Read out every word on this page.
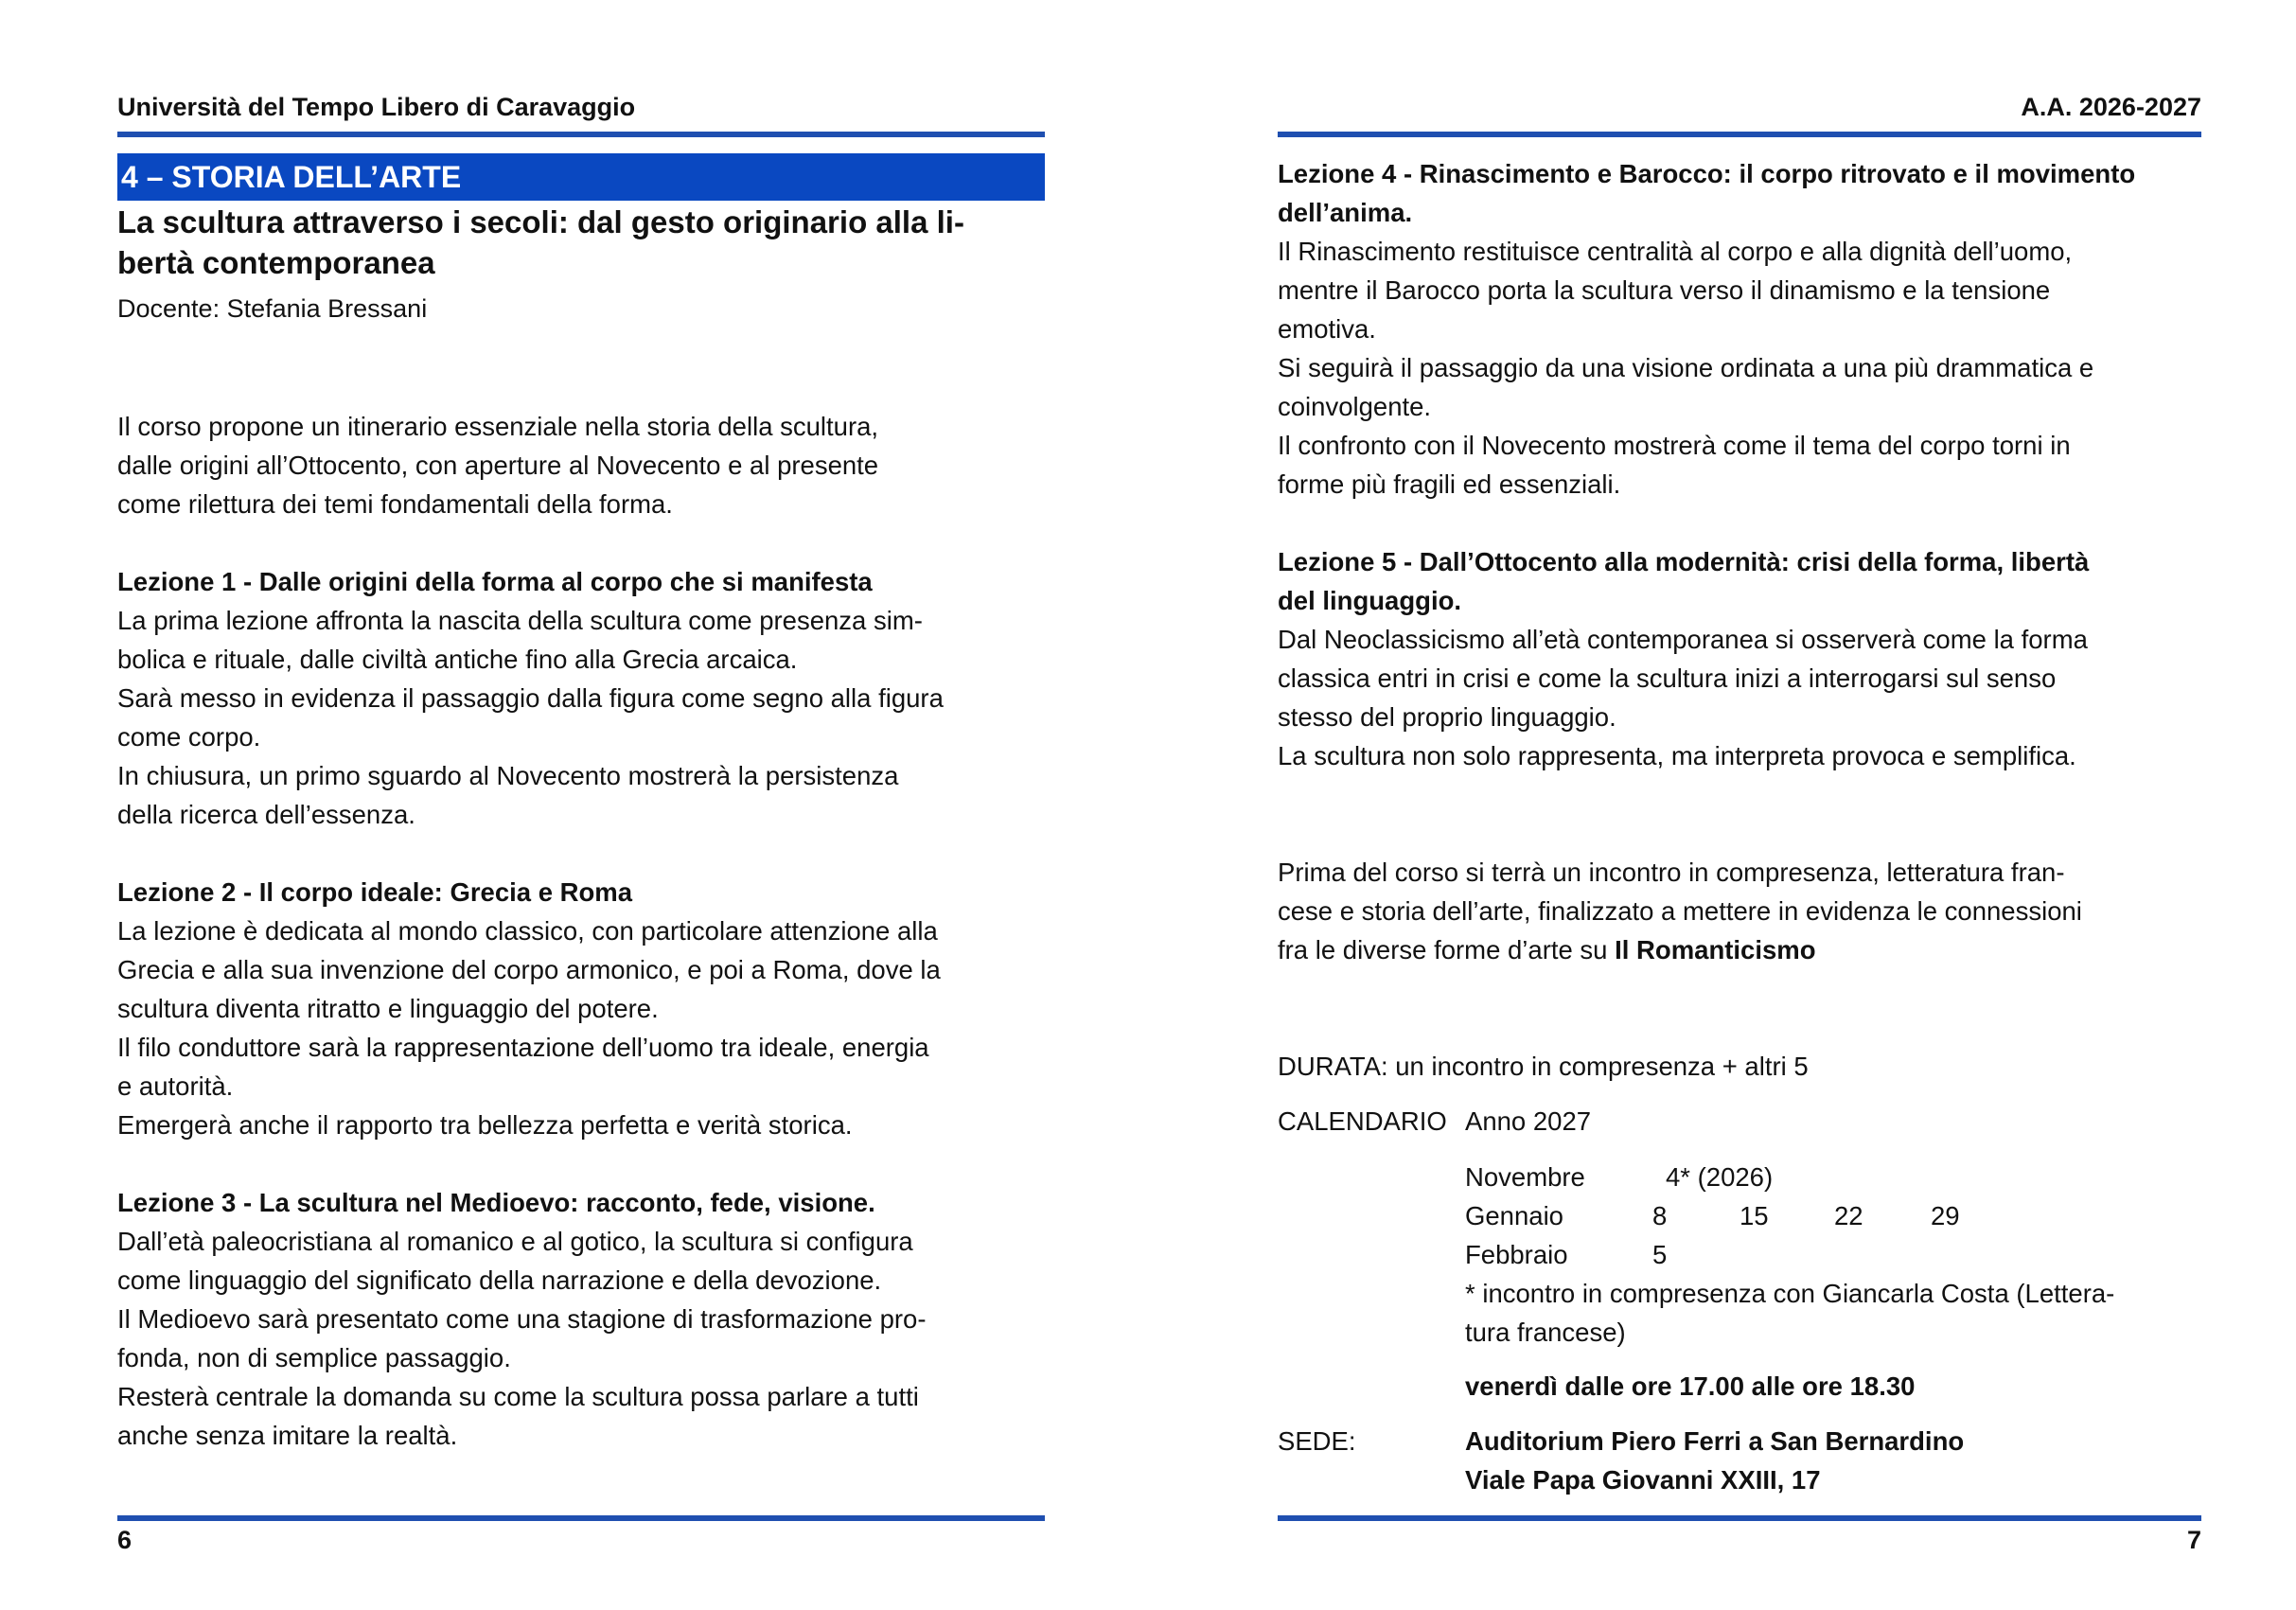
Università del Tempo Libero di Caravaggio
4 – STORIA DELL’ARTE
La scultura attraverso i secoli: dal gesto originario alla li-
bertà contemporanea
Docente: Stefania Bressani

Il corso propone un itinerario essenziale nella storia della scultura,

dalle origini all’Ottocento, con aperture al Novecento e al presente

come rilettura dei temi fondamentali della forma.

Lezione 1 - Dalle origini della forma al corpo che si manifesta

La prima lezione affronta la nascita della scultura come presenza sim-

bolica e rituale, dalle civiltà antiche fino alla Grecia arcaica.

Sarà messo in evidenza il passaggio dalla figura come segno alla figura

come corpo.

In chiusura, un primo sguardo al Novecento mostrerà la persistenza

della ricerca dell’essenza.

Lezione 2 - Il corpo ideale: Grecia e Roma

La lezione è dedicata al mondo classico, con particolare attenzione alla

Grecia e alla sua invenzione del corpo armonico, e poi a Roma, dove la

scultura diventa ritratto e linguaggio del potere.

Il filo conduttore sarà la rappresentazione dell’uomo tra ideale, energia

e autorità.

Emergerà anche il rapporto tra bellezza perfetta e verità storica.

Lezione 3 - La scultura nel Medioevo: racconto, fede, visione.

Dall’età paleocristiana al romanico e al gotico, la scultura si configura

come linguaggio del significato della narrazione e della devozione.

Il Medioevo sarà presentato come una stagione di trasformazione pro-

fonda, non di semplice passaggio.

Resterà centrale la domanda su come la scultura possa parlare a tutti

anche senza imitare la realtà.

6
A.A. 2026-2027

Lezione 4 - Rinascimento e Barocco: il corpo ritrovato e il movimento

dell’anima.

Il Rinascimento restituisce centralità al corpo e alla dignità dell’uomo,

mentre il Barocco porta la scultura verso il dinamismo e la tensione

emotiva.

Si seguirà il passaggio da una visione ordinata a una più drammatica e

coinvolgente.

Il confronto con il Novecento mostrerà come il tema del corpo torni in

forme più fragili ed essenziali.

Lezione 5 - Dall’Ottocento alla modernità: crisi della forma, libertà

del linguaggio.

Dal Neoclassicismo all’età contemporanea si osserverà come la forma

classica entri in crisi e come la scultura inizi a interrogarsi sul senso

stesso del proprio linguaggio.

La scultura non solo rappresenta, ma interpreta provoca e semplifica.

Prima del corso si terrà un incontro in compresenza, letteratura fran-

cese e storia dell’arte, finalizzato a mettere in evidenza le connessioni

fra le diverse forme d’arte su Il Romanticismo

DURATA: un incontro in compresenza + altri 5

CALENDARIO Anno 2027
Novembre	4* (2026)
Gennaio	8	15	22	29
Febbraio	5
* incontro in compresenza con Giancarla Costa (Lettera-
tura francese)
venerdì dalle ore 17.00 alle ore 18.30
SEDE:	Auditorium Piero Ferri a San Bernardino
Viale Papa Giovanni XXIII, 17
7
